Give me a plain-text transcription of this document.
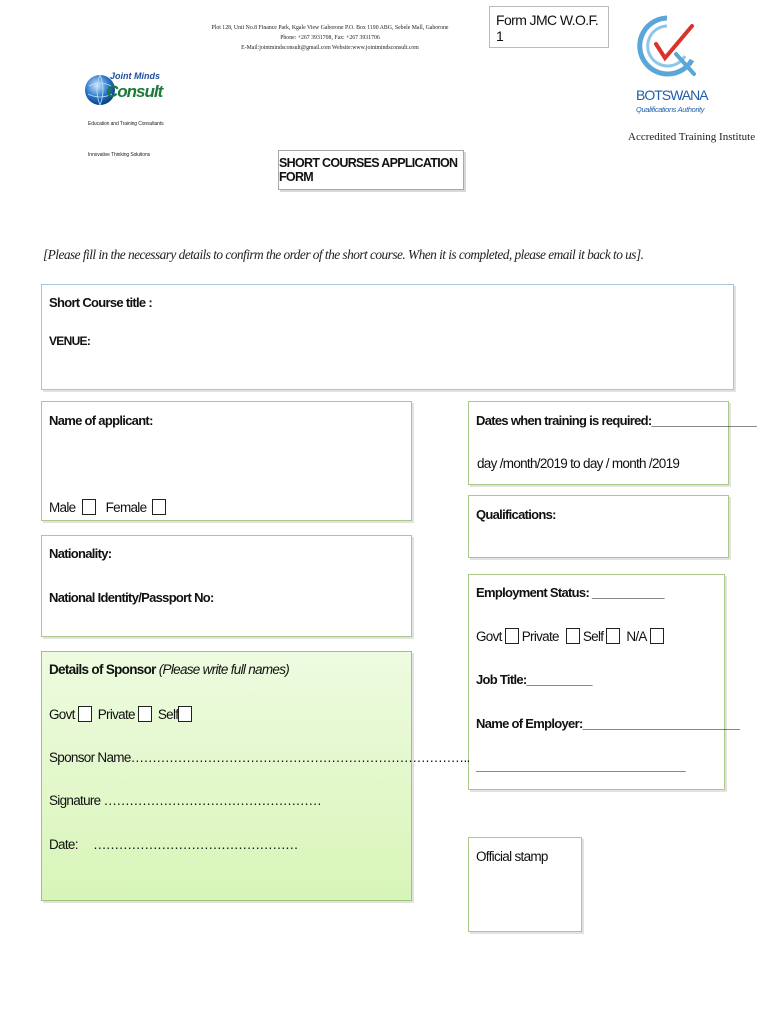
Plot 128, Unit No.8 Finance Park, Kgale View Gaborone P.O. Box 1190 ABG, Sebele Mall, Gaborone
Phone: +267 3931708, Fax: +267 3931706
E-Mail:jointmindsconsult@gmail.com Website:www.jointmindsconsult.com
Form JMC W.O.F. 1
Joint Minds
Consult
Education and Training Consultants
Innovative Thinking Solutions
BOTSWANA
Qualifications Authority
Accredited Training Institute
SHORT COURSES APPLICATION FORM
[Please fill in the necessary details to confirm the order of the short course. When it is completed, please email it back to us].
Short Course title :
VENUE:
Name of applicant:
Male Female
Dates when training is required:________________
day /month/2019 to day / month /2019
Qualifications:
Nationality:
National Identity/Passport No:	Employment Status: ___________
Govt Private Self N/A
Job Title:__________
Name of Employer:________________________
________________________________
Details of Sponsor (Please write full names)
Govt Private Self
Sponsor Name……………………………………………………………………..
Signature ……………………………………………
Date: …………………………………………
Official stamp
